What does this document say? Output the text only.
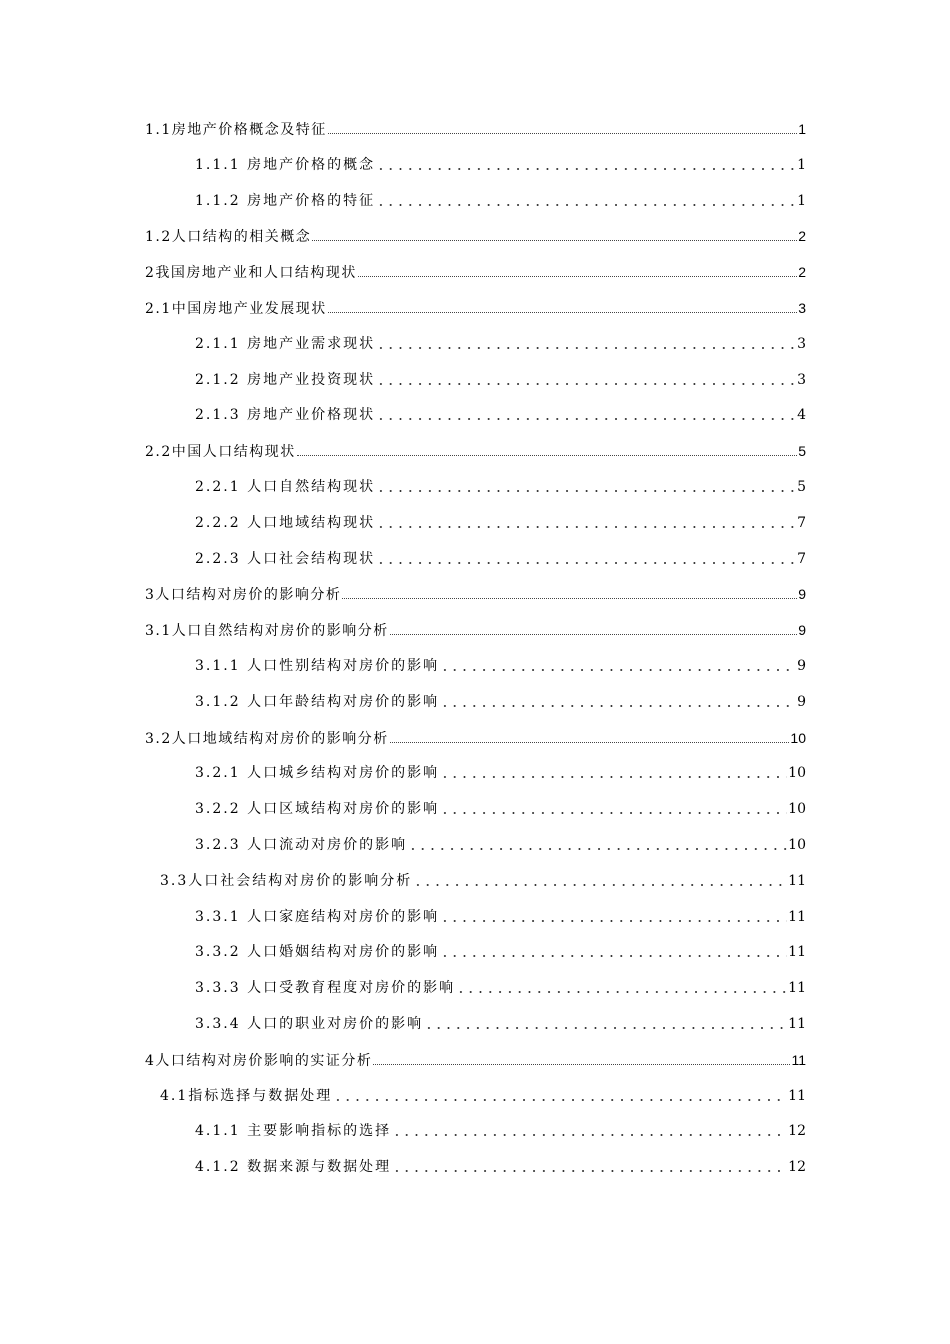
1.1房地产价格概念及特征	1
1.1.1 房地产价格的概念	1
1.1.2 房地产价格的特征	1
1.2人口结构的相关概念	2
2我国房地产业和人口结构现状	2
2.1中国房地产业发展现状	3
2.1.1 房地产业需求现状	3
2.1.2 房地产业投资现状	3
2.1.3 房地产业价格现状	4
2.2中国人口结构现状	5
2.2.1 人口自然结构现状	5
2.2.2 人口地域结构现状	7
2.2.3 人口社会结构现状	7
3人口结构对房价的影响分析	9
3.1人口自然结构对房价的影响分析	9
3.1.1 人口性别结构对房价的影响	9
3.1.2 人口年龄结构对房价的影响	9
3.2人口地域结构对房价的影响分析	10
3.2.1 人口城乡结构对房价的影响	10
3.2.2 人口区域结构对房价的影响	10
3.2.3 人口流动对房价的影响	10
3.3人口社会结构对房价的影响分析	11
3.3.1 人口家庭结构对房价的影响	11
3.3.2 人口婚姻结构对房价的影响	11
3.3.3 人口受教育程度对房价的影响	11
3.3.4 人口的职业对房价的影响	11
4人口结构对房价影响的实证分析	11
4.1指标选择与数据处理	11
4.1.1 主要影响指标的选择	12
4.1.2 数据来源与数据处理	12
